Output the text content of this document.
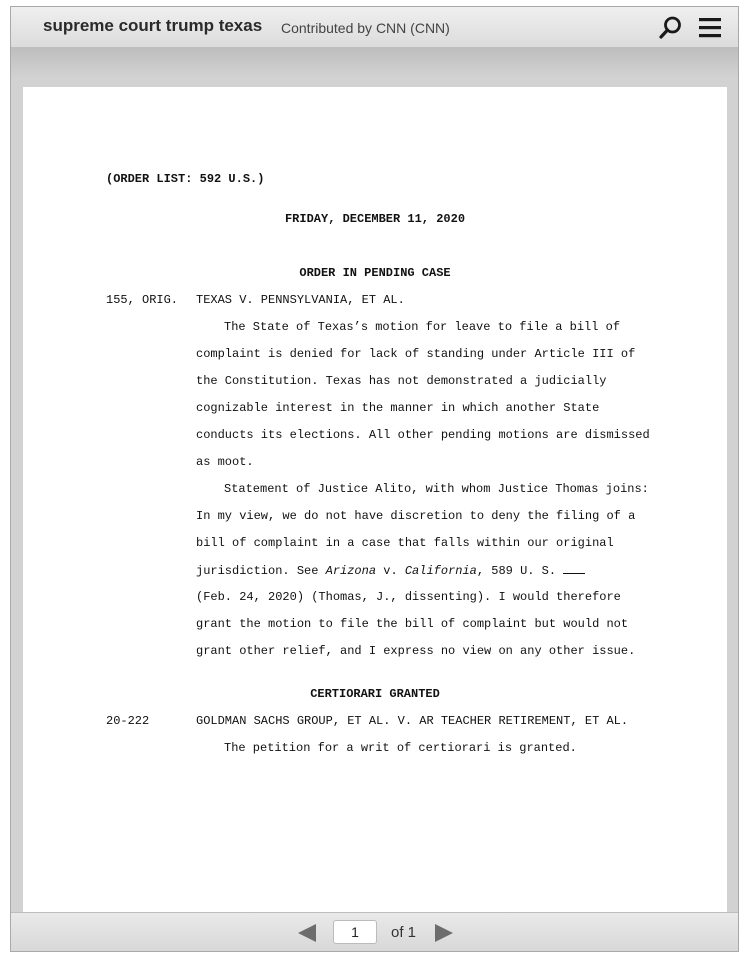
supreme court trump texas Contributed by CNN (CNN)
(ORDER LIST: 592 U.S.)
FRIDAY, DECEMBER 11, 2020
ORDER IN PENDING CASE
155, ORIG. TEXAS V. PENNSYLVANIA, ET AL.
The State of Texas’s motion for leave to file a bill of
complaint is denied for lack of standing under Article III of
the Constitution. Texas has not demonstrated a judicially
cognizable interest in the manner in which another State
conducts its elections. All other pending motions are dismissed
as moot.
Statement of Justice Alito, with whom Justice Thomas joins:
In my view, we do not have discretion to deny the filing of a
bill of complaint in a case that falls within our original
jurisdiction. See Arizona v. California, 589 U. S.
(Feb. 24, 2020) (Thomas, J., dissenting). I would therefore
grant the motion to file the bill of complaint but would not
grant other relief, and I express no view on any other issue.
CERTIORARI GRANTED
20-222	GOLDMAN SACHS GROUP, ET AL. V. AR TEACHER RETIREMENT, ET AL.
The petition for a writ of certiorari is granted.
1
of 1
